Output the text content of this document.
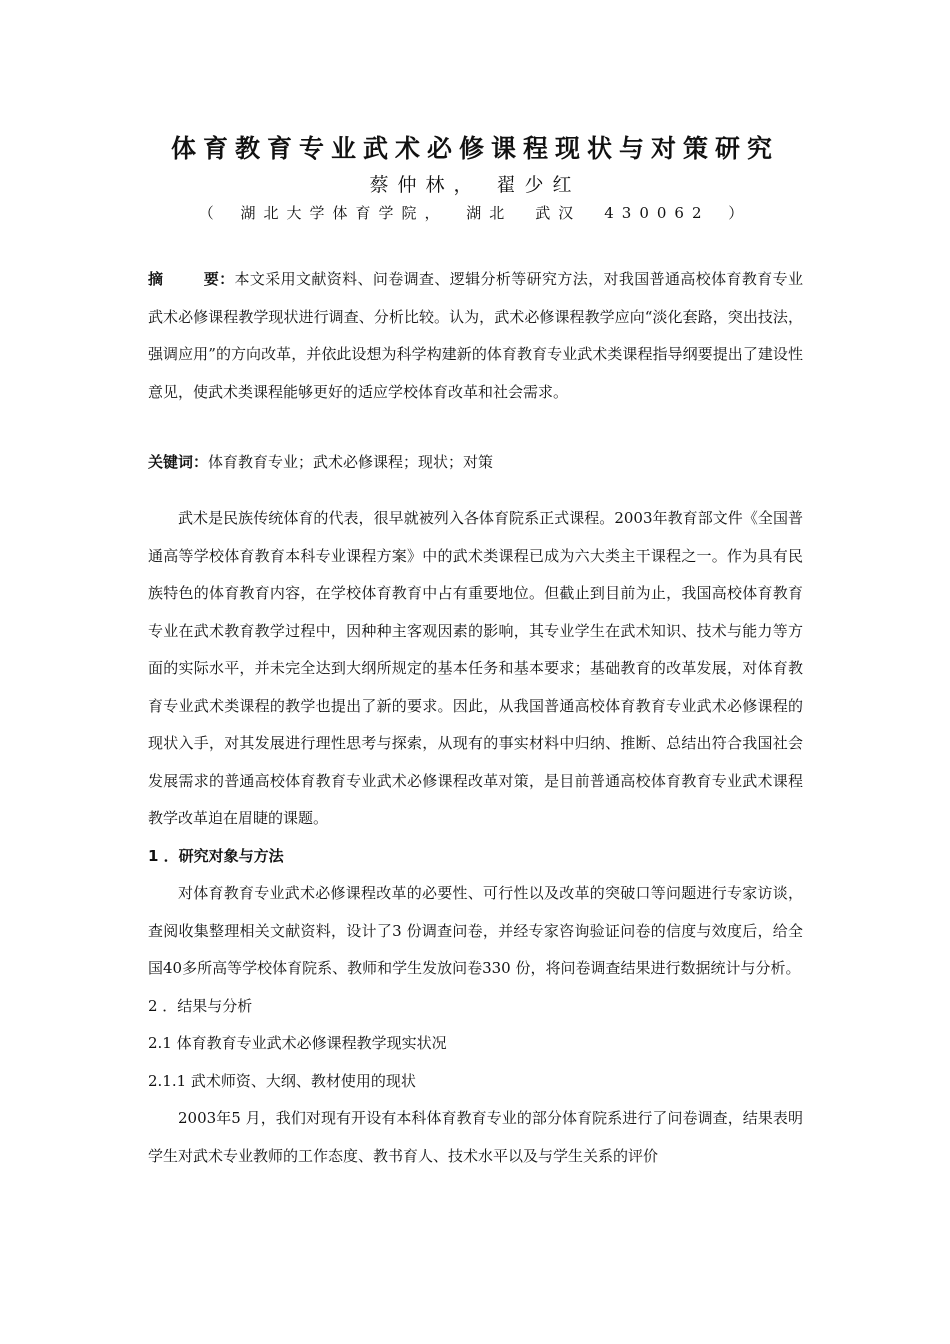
体育教育专业武术必修课程现状与对策研究
蔡仲林， 翟少红
（ 湖北大学体育学院， 湖北　武汉　430062 ）
摘	要：本文采用文献资料、问卷调查、逻辑分析等研究方法，对我国普通高校体育教育专业武术必修课程教学现状进行调查、分析比较。认为，武术必修课程教学应向“淡化套路，突出技法，强调应用”的方向改革，并依此设想为科学构建新的体育教育专业武术类课程指导纲要提出了建设性意见，使武术类课程能够更好的适应学校体育改革和社会需求。
关键词：体育教育专业；武术必修课程；现状；对策

武术是民族传统体育的代表，很早就被列入各体育院系正式课程。2003年教育部文件《全国普通高等学校体育教育本科专业课程方案》中的武术类课程已成为六大类主干课程之一。作为具有民族特色的体育教育内容，在学校体育教育中占有重要地位。但截止到目前为止，我国高校体育教育专业在武术教育教学过程中，因种种主客观因素的影响，其专业学生在武术知识、技术与能力等方面的实际水平，并未完全达到大纲所规定的基本任务和基本要求；基础教育的改革发展，对体育教育专业武术类课程的教学也提出了新的要求。因此，从我国普通高校体育教育专业武术必修课程的现状入手，对其发展进行理性思考与探索，从现有的事实材料中归纳、推断、总结出符合我国社会发展需求的普通高校体育教育专业武术必修课程改革对策，是目前普通高校体育教育专业武术课程教学改革迫在眉睫的课题。

1 ．研究对象与方法

对体育教育专业武术必修课程改革的必要性、可行性以及改革的突破口等问题进行专家访谈，查阅收集整理相关文献资料，设计了3 份调查问卷，并经专家咨询验证问卷的信度与效度后，给全国40多所高等学校体育院系、教师和学生发放问卷330 份，将问卷调查结果进行数据统计与分析。

2 ．结果与分析

2.1 体育教育专业武术必修课程教学现实状况

2.1.1 武术师资、大纲、教材使用的现状

2003年5 月，我们对现有开设有本科体育教育专业的部分体育院系进行了问卷调查，结果表明学生对武术专业教师的工作态度、教书育人、技术水平以及与学生关系的评价
